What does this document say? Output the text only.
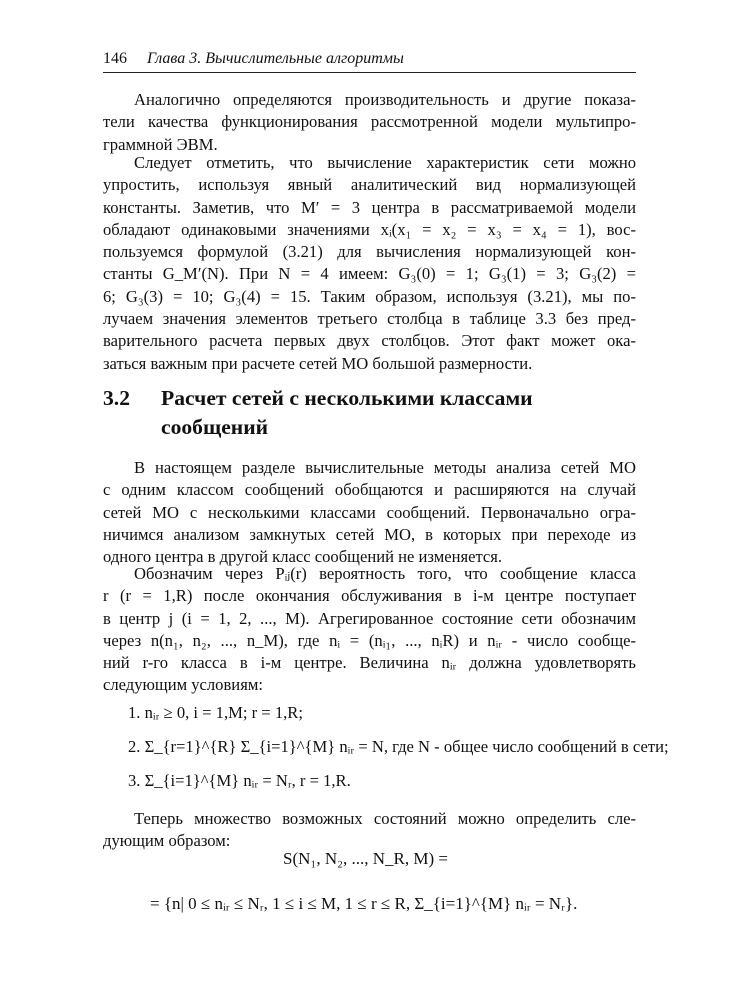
146 Глава 3. Вычислительные алгоритмы
Аналогично определяются производительность и другие показа-
тели качества функционирования рассмотренной модели мультипро-
граммной ЭВМ.
Следует отметить, что вычисление характеристик сети можно
упростить, используя явный аналитический вид нормализующей
константы. Заметив, что M′ = 3 центра в рассматриваемой модели
обладают одинаковыми значениями xᵢ(x₁ = x₂ = x₃ = x₄ = 1), вос-
пользуемся формулой (3.21) для вычисления нормализующей кон-
станты G_M′(N). При N = 4 имеем: G₃(0) = 1; G₃(1) = 3; G₃(2) =
6; G₃(3) = 10; G₃(4) = 15. Таким образом, используя (3.21), мы по-
лучаем значения элементов третьего столбца в таблице 3.3 без пред-
варительного расчета первых двух столбцов. Этот факт может ока-
заться важным при расчете сетей МО большой размерности.
3.2 Расчет сетей с несколькими классами
сообщений
В настоящем разделе вычислительные методы анализа сетей МО
с одним классом сообщений обобщаются и расширяются на случай
сетей МО с несколькими классами сообщений. Первоначально огра-
ничимся анализом замкнутых сетей МО, в которых при переходе из
одного центра в другой класс сообщений не изменяется.
Обозначим через Pᵢⱼ(r) вероятность того, что сообщение класса
r (r = 1,R) после окончания обслуживания в i-м центре поступает
в центр j (i = 1, 2, ..., M). Агрегированное состояние сети обозначим
через n(n₁, n₂, ..., n_M), где nᵢ = (nᵢ₁, ..., nᵢR) и nᵢᵣ - число сообще-
ний r-го класса в i-м центре. Величина nᵢᵣ должна удовлетворять
следующим условиям:
1. nᵢᵣ ≥ 0, i = 1,M; r = 1,R;
2. Σ_{r=1}^{R} Σ_{i=1}^{M} nᵢᵣ = N, где N - общее число сообщений в сети;
3. Σ_{i=1}^{M} nᵢᵣ = Nᵣ, r = 1,R.
Теперь множество возможных состояний можно определить сле-
дующим образом:
S(N₁, N₂, ..., N_R, M) =
= {n| 0 ≤ nᵢᵣ ≤ Nᵣ, 1 ≤ i ≤ M, 1 ≤ r ≤ R, Σ_{i=1}^{M} nᵢᵣ = Nᵣ}.
